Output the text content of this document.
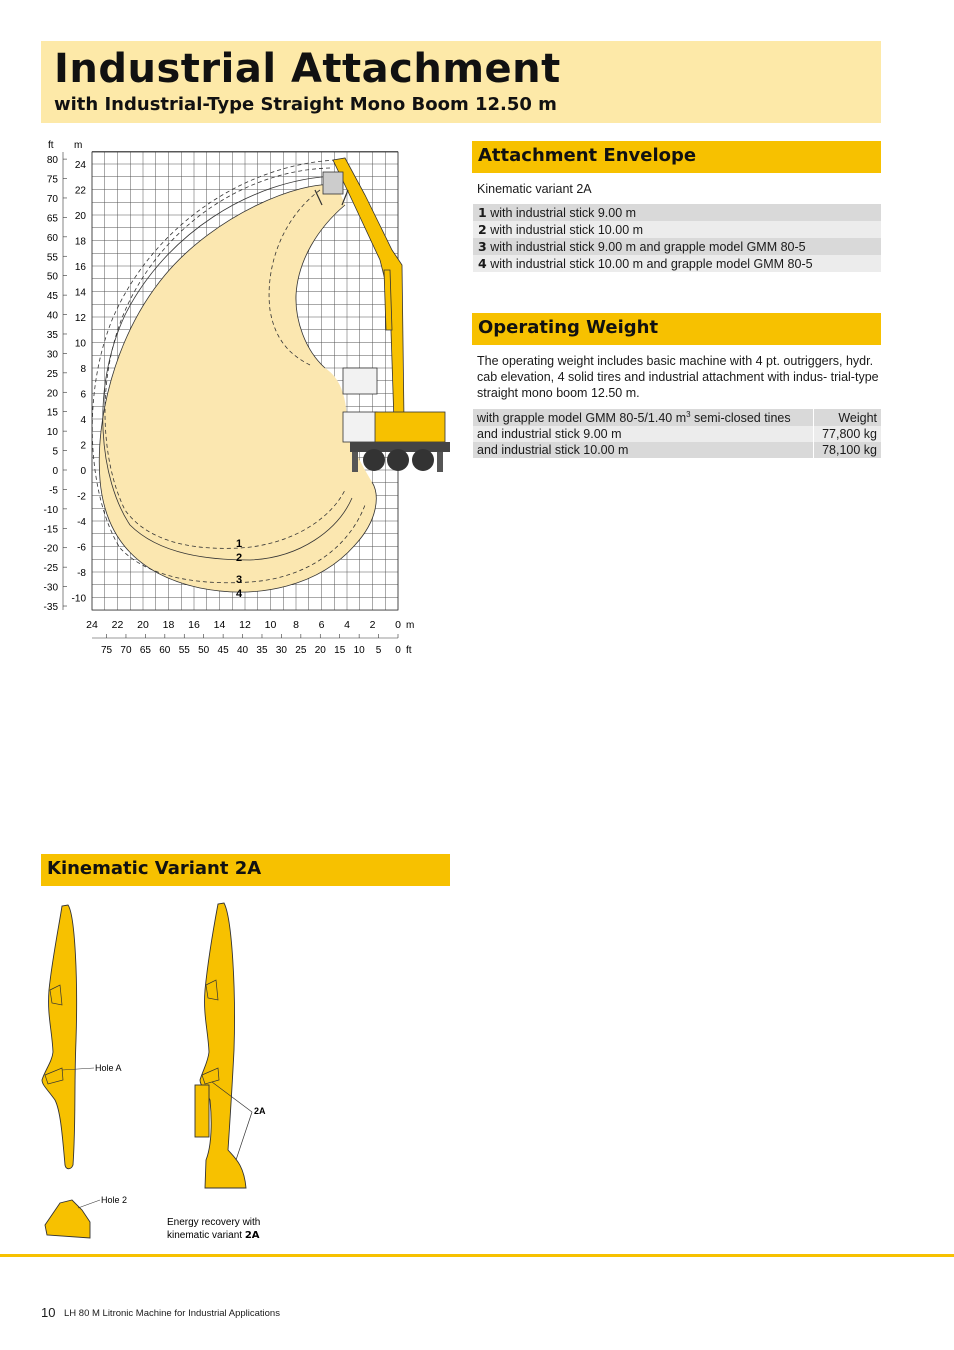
Industrial Attachment
with Industrial-Type Straight Mono Boom 12.50 m
80
75
70
65
60
55
50
45
40
35
30
25
20
15
10
5
0
-5
-10
-15
-20
-25
-30
-35
24
22
20
18
16
14
12
10
8
6
4
2
0
-2
-4
-6
-8
-10
24 22 20 18 16 14 12 10 8 6 4 2 0
75 70 65 60 55 50 45 40 35 30 25 20 15 10 5 0
ft m
m
ft
1
2
3
4
Attachment Envelope
Kinematic variant 2A
1 with industrial stick 9.00 m
2 with industrial stick 10.00 m
3 with industrial stick 9.00 m and grapple model GMM 80-5
4 with industrial stick 10.00 m and grapple model GMM 80-5
Operating Weight
The operating weight includes basic machine with 4 pt. outriggers, hydr. cab elevation, 4 solid tires and industrial attachment with indus- trial-type straight mono boom 12.50 m.
with grapple model GMM 80-5/1.40 $m^3$ semi-closed tines	Weight
and industrial stick 9.00 m	77,800 kg
and industrial stick 10.00 m	78,100 kg
Kinematic Variant 2A
Hole A
Hole 2
2A
Energy recovery with
kinematic variant 2A
10 LH 80 M Litronic Machine for Industrial Applications
